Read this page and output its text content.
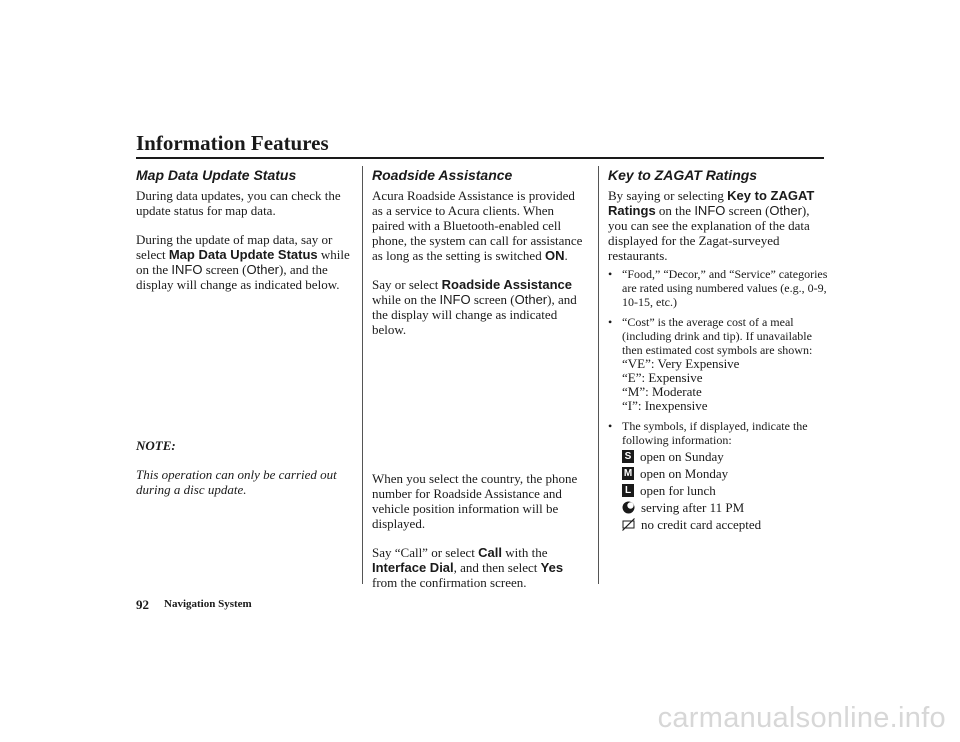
Information Features
Map Data Update Status

During data updates, you can check the update status for map data.

During the update of map data, say or select Map Data Update Status while on the INFO screen (Other), and the display will change as indicated below.

NOTE:

This operation can only be carried out during a disc update.

Roadside Assistance

Acura Roadside Assistance is provided as a service to Acura clients. When paired with a Bluetooth-enabled cell phone, the system can call for assistance as long as the setting is switched ON.

Say or select Roadside Assistance while on the INFO screen (Other), and the display will change as indicated below.

When you select the country, the phone number for Roadside Assistance and vehicle position information will be displayed.

Say “Call” or select Call with the Interface Dial, and then select Yes from the confirmation screen.

Key to ZAGAT Ratings

By saying or selecting Key to ZAGAT Ratings on the INFO screen (Other), you can see the explanation of the data displayed for the Zagat-surveyed restaurants.

• “Food,” “Decor,” and “Service” categories are rated using numbered values (e.g., 0-9, 10-15, etc.)
• “Cost” is the average cost of a meal (including drink and tip). If unavailable then estimated cost symbols are shown:
“VE”: Very Expensive
“E”: Expensive
“M”: Moderate
“I”: Inexpensive
• The symbols, if displayed, indicate the following information:
S open on Sunday
M open on Monday
L open for lunch
serving after 11 PM
no credit card accepted
92 Navigation System
carmanualsonline.info
